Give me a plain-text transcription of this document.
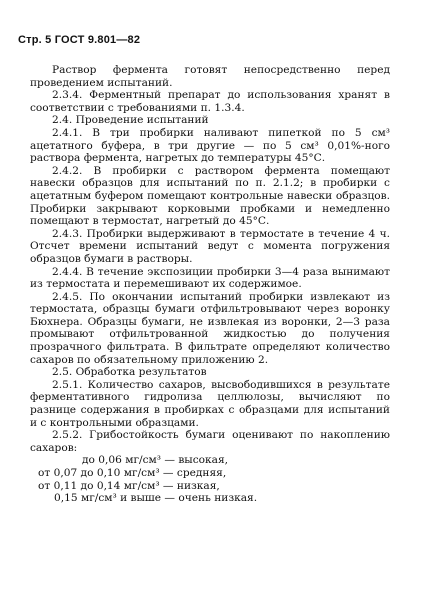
Стр. 5 ГОСТ 9.801—82

Раствор фермента готовят непосредственно перед проведением испытаний.

2.3.4. Ферментный препарат до использования хранят в соответствии с требованиями п. 1.3.4.

2.4. Проведение испытаний

2.4.1. В три пробирки наливают пипеткой по 5 см³ ацетатного буфера, в три другие — по 5 см³ 0,01%-ного раствора фермента, нагретых до температуры 45°С.

2.4.2. В пробирки с раствором фермента помещают навески образцов для испытаний по п. 2.1.2; в пробирки с ацетатным буфером помещают контрольные навески образцов. Пробирки закрывают корковыми пробками и немедленно помещают в термостат, нагретый до 45°С.

2.4.3. Пробирки выдерживают в термостате в течение 4 ч. Отсчет времени испытаний ведут с момента погружения образцов бумаги в растворы.

2.4.4. В течение экспозиции пробирки 3—4 раза вынимают из термостата и перемешивают их содержимое.

2.4.5. По окончании испытаний пробирки извлекают из термостата, образцы бумаги отфильтровывают через воронку Бюхнера. Образцы бумаги, не извлекая из воронки, 2—3 раза промывают отфильтрованной жидкостью до получения прозрачного фильтрата. В фильтрате определяют количество сахаров по обязательному приложению 2.

2.5. Обработка результатов

2.5.1. Количество сахаров, высвободившихся в результате ферментативного гидролиза целлюлозы, вычисляют по разнице содержания в пробирках с образцами для испытаний и с контрольными образцами.

2.5.2. Грибостойкость бумаги оценивают по накоплению сахаров:

до 0,06 мг/см³ — высокая,
от 0,07 до 0,10 мг/см³ — средняя,
от 0,11 до 0,14 мг/см³ — низкая,
0,15 мг/см³ и выше — очень низкая.
